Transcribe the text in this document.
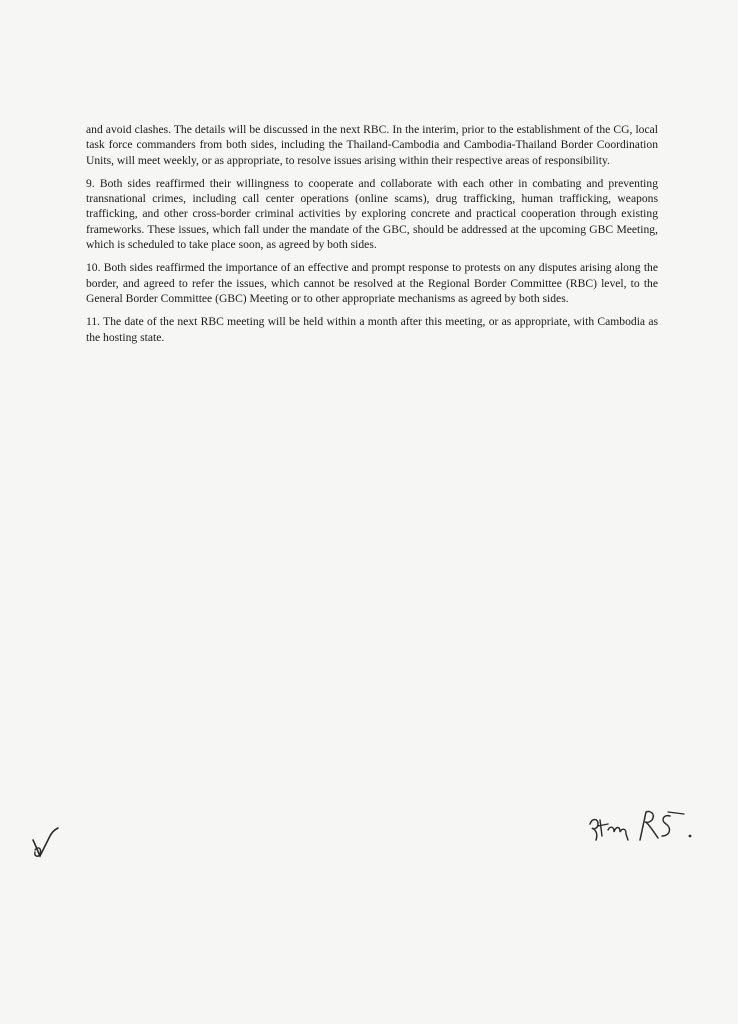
and avoid clashes. The details will be discussed in the next RBC. In the interim, prior to the establishment of the CG, local task force commanders from both sides, including the Thailand-Cambodia and Cambodia-Thailand Border Coordination Units, will meet weekly, or as appropriate, to resolve issues arising within their respective areas of responsibility.

9. Both sides reaffirmed their willingness to cooperate and collaborate with each other in combating and preventing transnational crimes, including call center operations (online scams), drug trafficking, human trafficking, weapons trafficking, and other cross-border criminal activities by exploring concrete and practical cooperation through existing frameworks. These issues, which fall under the mandate of the GBC, should be addressed at the upcoming GBC Meeting, which is scheduled to take place soon, as agreed by both sides.

10. Both sides reaffirmed the importance of an effective and prompt response to protests on any disputes arising along the border, and agreed to refer the issues, which cannot be resolved at the Regional Border Committee (RBC) level, to the General Border Committee (GBC) Meeting or to other appropriate mechanisms as agreed by both sides.

11. The date of the next RBC meeting will be held within a month after this meeting, or as appropriate, with Cambodia as the hosting state.
